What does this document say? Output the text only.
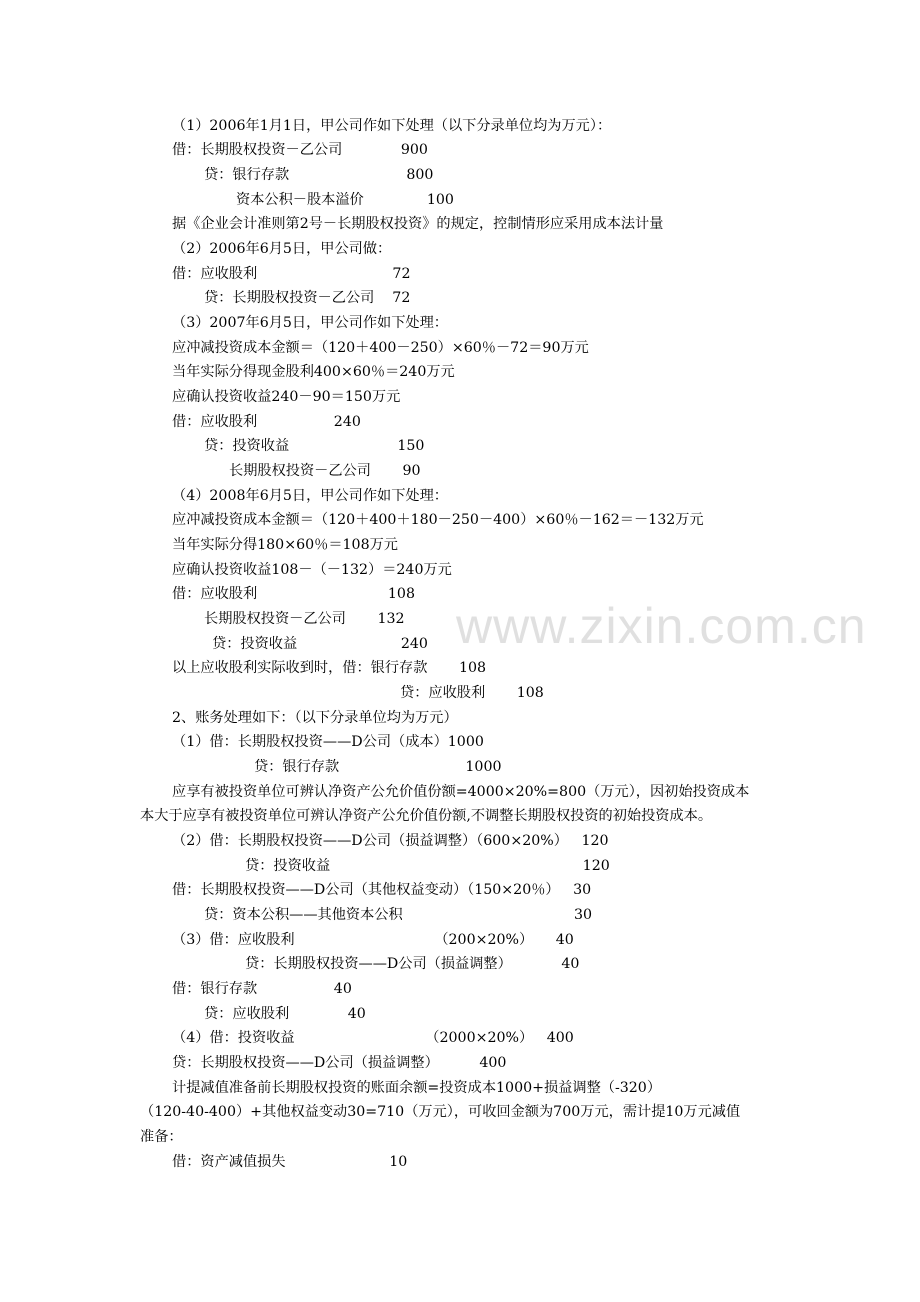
www.zixin.com.cn
（1）2006年1月1日，甲公司作如下处理（以下分录单位均为万元）：
借：长期股权投资－乙公司             900
贷：银行存款                          800
资本公积－股本溢价              100
据《企业会计准则第2号－长期股权投资》的规定，控制情形应采用成本法计量
（2）2006年6月5日，甲公司做：
借：应收股利                              72
贷：长期股权投资－乙公司    72
（3）2007年6月5日，甲公司作如下处理：
应冲减投资成本金额＝（120＋400－250）×60％－72＝90万元
当年实际分得现金股利400×60％＝240万元
应确认投资收益240－90＝150万元
借：应收股利                 240
贷：投资收益                        150
长期股权投资－乙公司       90
（4）2008年6月5日，甲公司作如下处理：
应冲减投资成本金额＝（120＋400＋180－250－400）×60％－162＝－132万元
当年实际分得180×60％＝108万元
应确认投资收益108－（－132）＝240万元
借：应收股利                             108
长期股权投资－乙公司       132
贷：投资收益                       240
以上应收股利实际收到时，借：银行存款       108
贷：应收股利       108
2、账务处理如下：（以下分录单位均为万元）
（1）借：长期股权投资——D公司（成本）1000
贷：银行存款                            1000
应享有被投资单位可辨认净资产公允价值份额=4000×20%=800（万元），因初始投资成本
本大于应享有被投资单位可辨认净资产公允价值份额,不调整长期股权投资的初始投资成本。
（2）借：长期股权投资——D公司（损益调整）（600×20%）   120
贷：投资收益                                                        120
借：长期股权投资——D公司（其他权益变动）（150×20％）   30
贷：资本公积——其他资本公积                                      30
（3）借：应收股利                               （200×20%）     40
贷：长期股权投资——D公司（损益调整）           40
借：银行存款                 40
贷：应收股利             40
（4）借：投资收益                             （2000×20%）   400
贷：长期股权投资——D公司（损益调整）         400
计提减值准备前长期股权投资的账面余额=投资成本1000+损益调整（-320）
（120-40-400）+其他权益变动30=710（万元），可收回金额为700万元，需计提10万元减值
准备：
借：资产减值损失                       10
